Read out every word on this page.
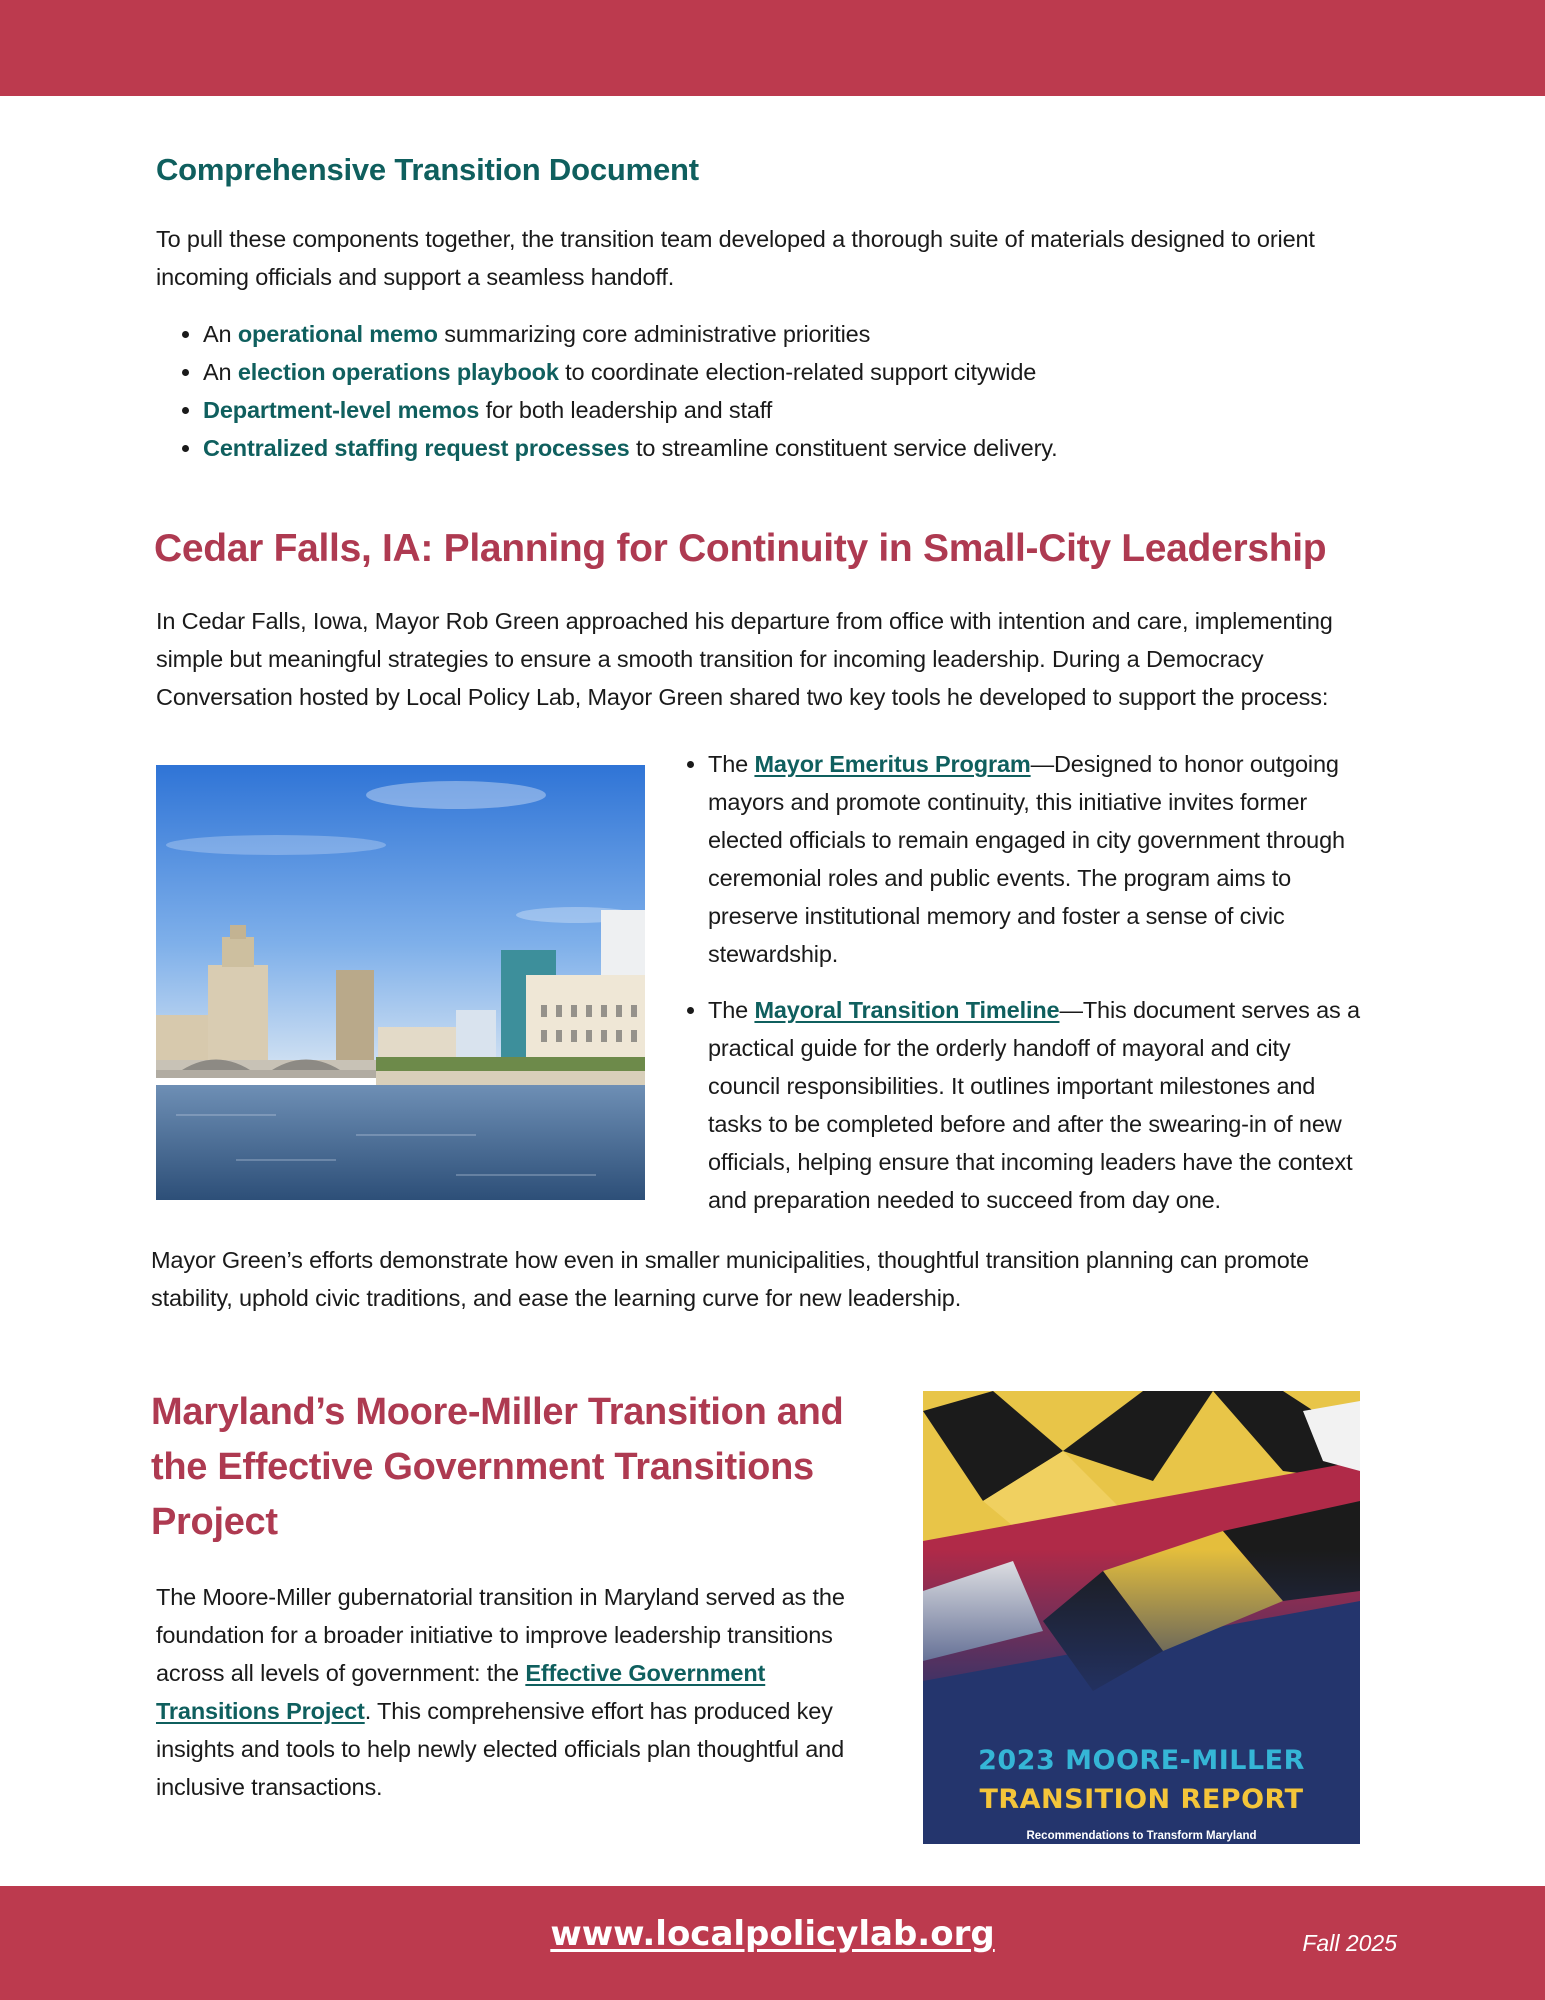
Comprehensive Transition Document

To pull these components together, the transition team developed a thorough suite of materials designed to orient incoming officials and support a seamless handoff.

• An operational memo summarizing core administrative priorities
• An election operations playbook to coordinate election-related support citywide
• Department-level memos for both leadership and staff
• Centralized staffing request processes to streamline constituent service delivery.
Cedar Falls, IA: Planning for Continuity in Small-City Leadership

In Cedar Falls, Iowa, Mayor Rob Green approached his departure from office with intention and care, implementing simple but meaningful strategies to ensure a smooth transition for incoming leadership. During a Democracy Conversation hosted by Local Policy Lab, Mayor Green shared two key tools he developed to support the process:

• The Mayor Emeritus Program—Designed to honor outgoing mayors and promote continuity, this initiative invites former elected officials to remain engaged in city government through ceremonial roles and public events. The program aims to preserve institutional memory and foster a sense of civic stewardship.
• The Mayoral Transition Timeline—This document serves as a practical guide for the orderly handoff of mayoral and city council responsibilities. It outlines important milestones and tasks to be completed before and after the swearing-in of new officials, helping ensure that incoming leaders have the context and preparation needed to succeed from day one.

Mayor Green’s efforts demonstrate how even in smaller municipalities, thoughtful transition planning can promote stability, uphold civic traditions, and ease the learning curve for new leadership.

Maryland’s Moore-Miller Transition and the Effective Government Transitions Project

The Moore-Miller gubernatorial transition in Maryland served as the foundation for a broader initiative to improve leadership transitions across all levels of government: the Effective Government Transitions Project. This comprehensive effort has produced key insights and tools to help newly elected officials plan thoughtful and inclusive transactions.

2023 MOORE-MILLER
TRANSITION REPORT
Recommendations to Transform Maryland
www.localpolicylab.org	Fall 2025
